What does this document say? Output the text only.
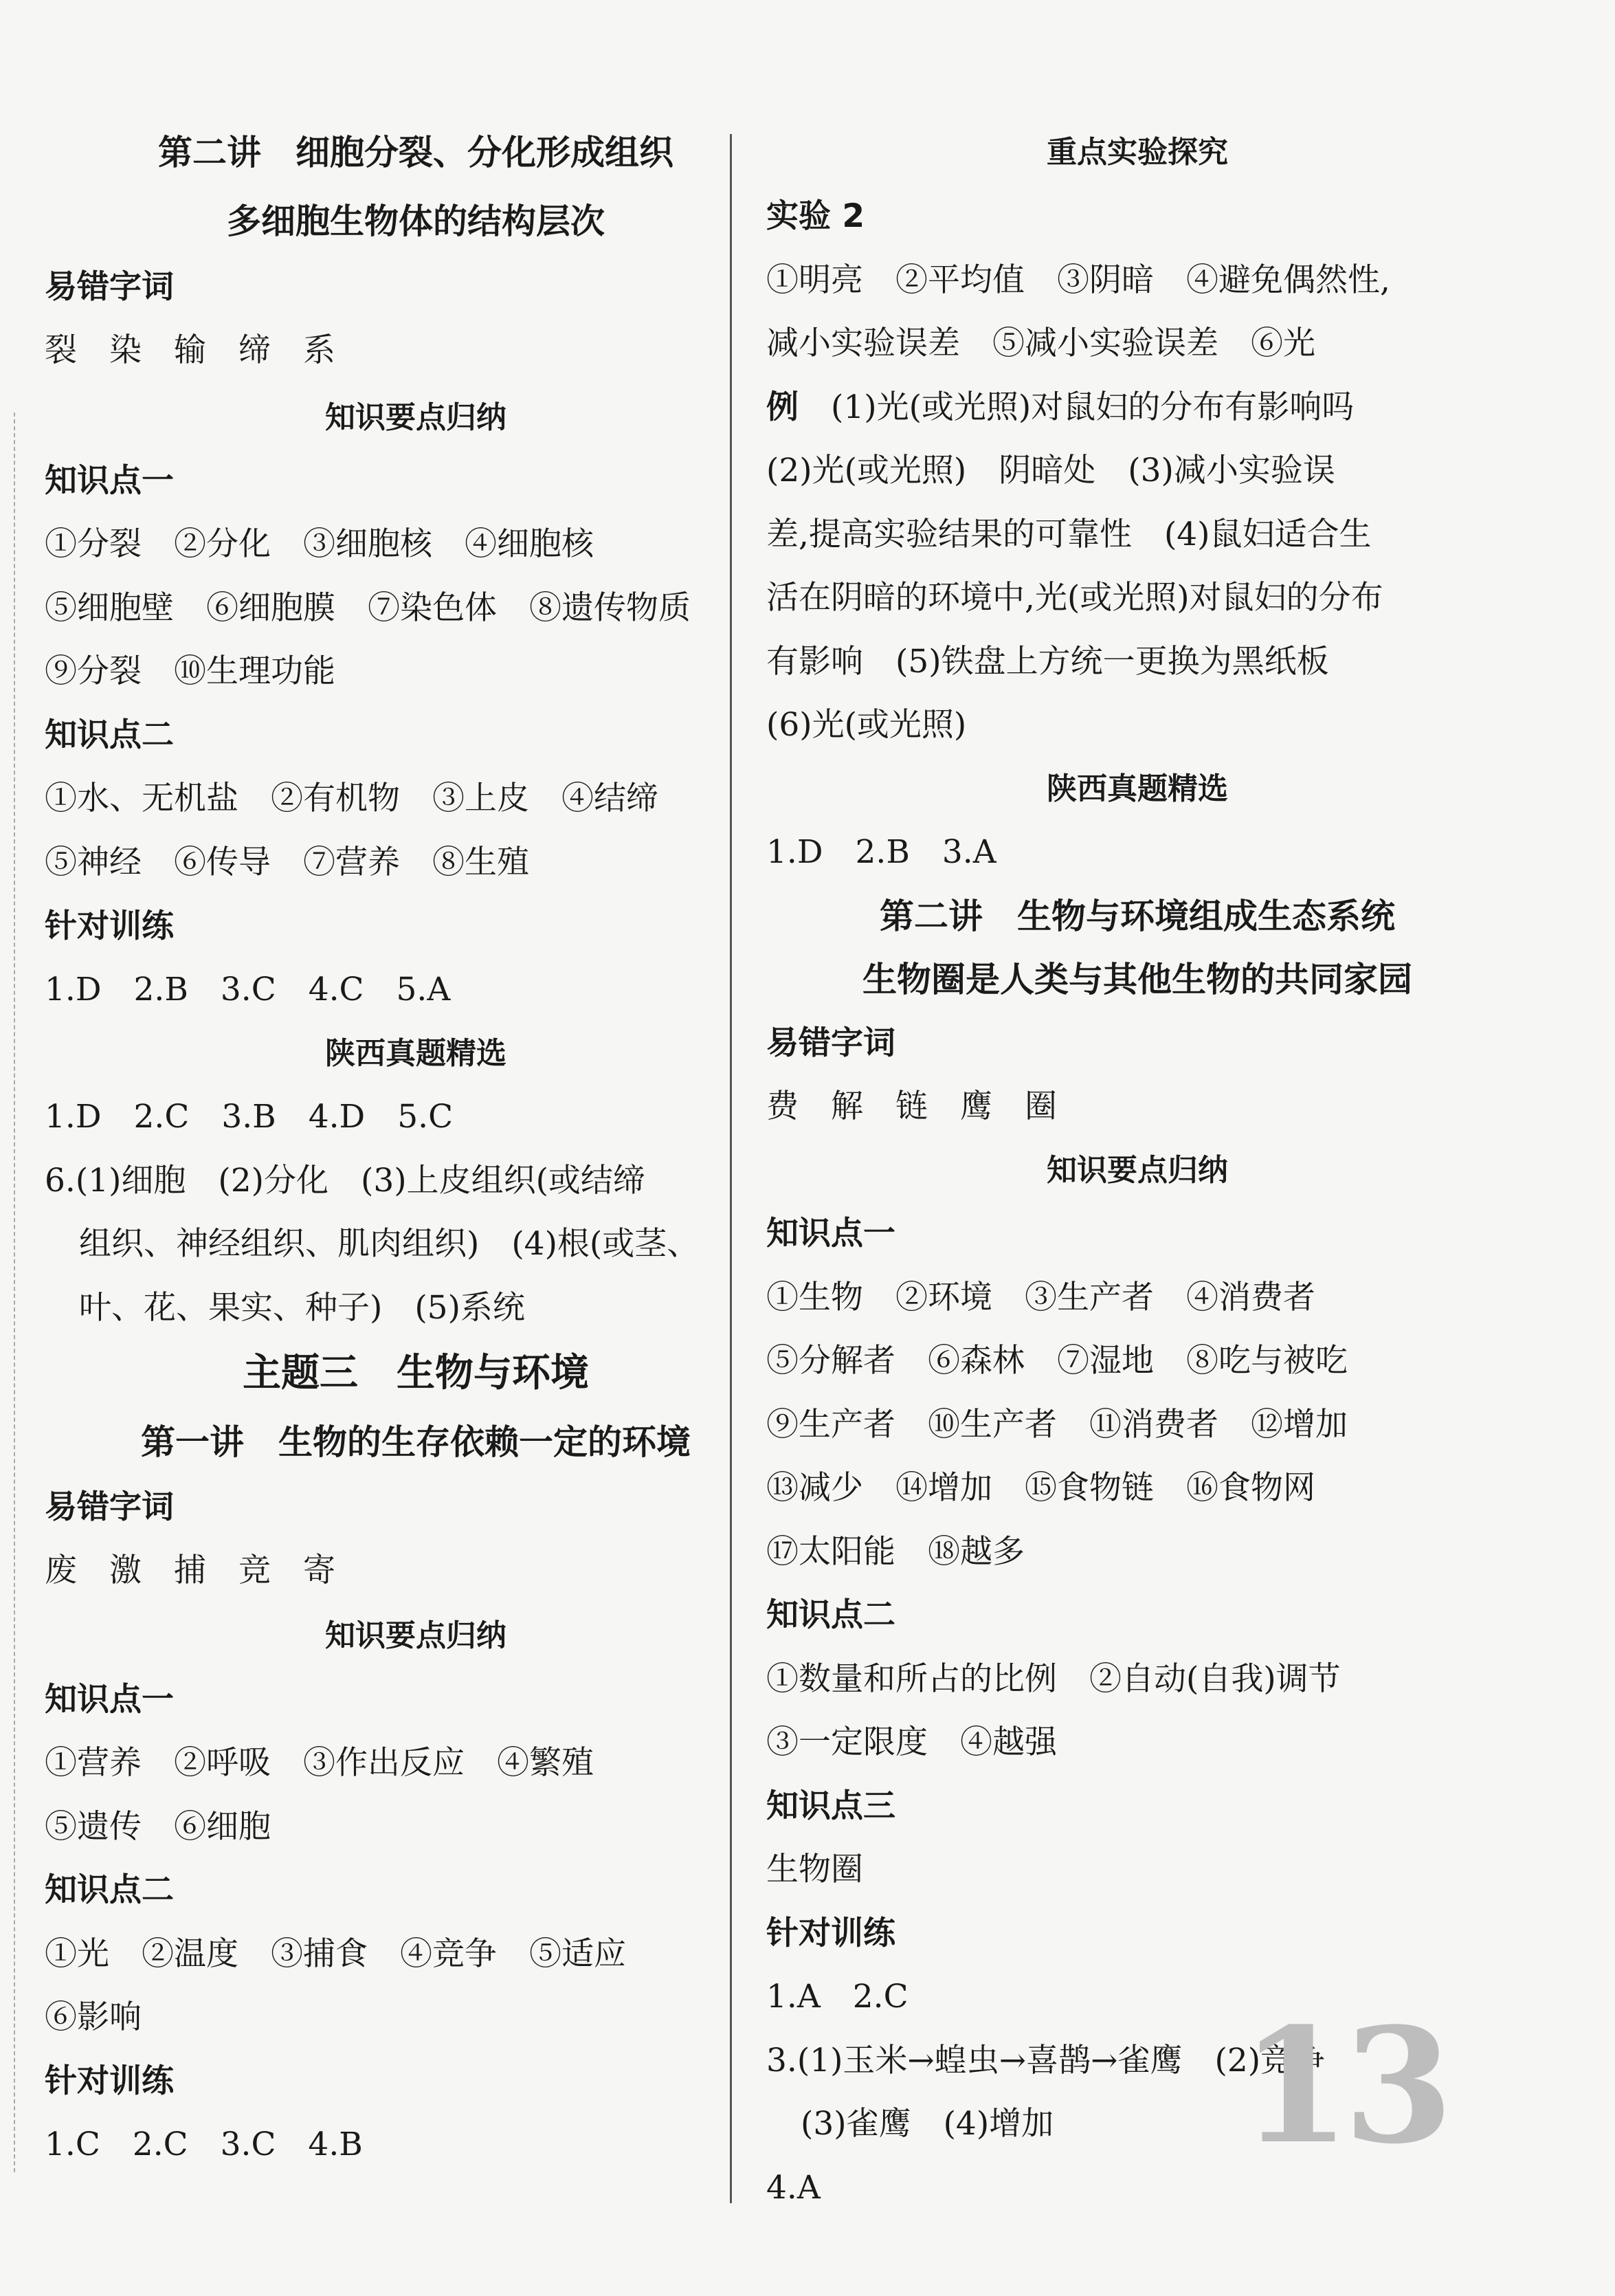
第二讲　细胞分裂、分化形成组织
多细胞生物体的结构层次
易错字词
裂　染　输　缔　系
知识要点归纳
知识点一
①分裂　②分化　③细胞核　④细胞核
⑤细胞壁　⑥细胞膜　⑦染色体　⑧遗传物质
⑨分裂　⑩生理功能
知识点二
①水、无机盐　②有机物　③上皮　④结缔
⑤神经　⑥传导　⑦营养　⑧生殖
针对训练
1.D　2.B　3.C　4.C　5.A
陕西真题精选
1.D　2.C　3.B　4.D　5.C
6.(1)细胞　(2)分化　(3)上皮组织(或结缔
组织、神经组织、肌肉组织)　(4)根(或茎、
叶、花、果实、种子)　(5)系统
主题三　生物与环境
第一讲　生物的生存依赖一定的环境
易错字词
废　激　捕　竞　寄
知识要点归纳
知识点一
①营养　②呼吸　③作出反应　④繁殖
⑤遗传　⑥细胞
知识点二
①光　②温度　③捕食　④竞争　⑤适应
⑥影响
针对训练
1.C　2.C　3.C　4.B
重点实验探究
实验 2
①明亮　②平均值　③阴暗　④避免偶然性,
减小实验误差　⑤减小实验误差　⑥光
例　(1)光(或光照)对鼠妇的分布有影响吗
(2)光(或光照)　阴暗处　(3)减小实验误
差,提高实验结果的可靠性　(4)鼠妇适合生
活在阴暗的环境中,光(或光照)对鼠妇的分布
有影响　(5)铁盘上方统一更换为黑纸板
(6)光(或光照)
陕西真题精选
1.D　2.B　3.A
第二讲　生物与环境组成生态系统
生物圈是人类与其他生物的共同家园
易错字词
费　解　链　鹰　圈
知识要点归纳
知识点一
①生物　②环境　③生产者　④消费者
⑤分解者　⑥森林　⑦湿地　⑧吃与被吃
⑨生产者　⑩生产者　⑪消费者　⑫增加
⑬减少　⑭增加　⑮食物链　⑯食物网
⑰太阳能　⑱越多
知识点二
①数量和所占的比例　②自动(自我)调节
③一定限度　④越强
知识点三
生物圈
针对训练
1.A　2.C
3.(1)玉米→蝗虫→喜鹊→雀鹰　(2)竞争
(3)雀鹰　(4)增加
4.A
13
